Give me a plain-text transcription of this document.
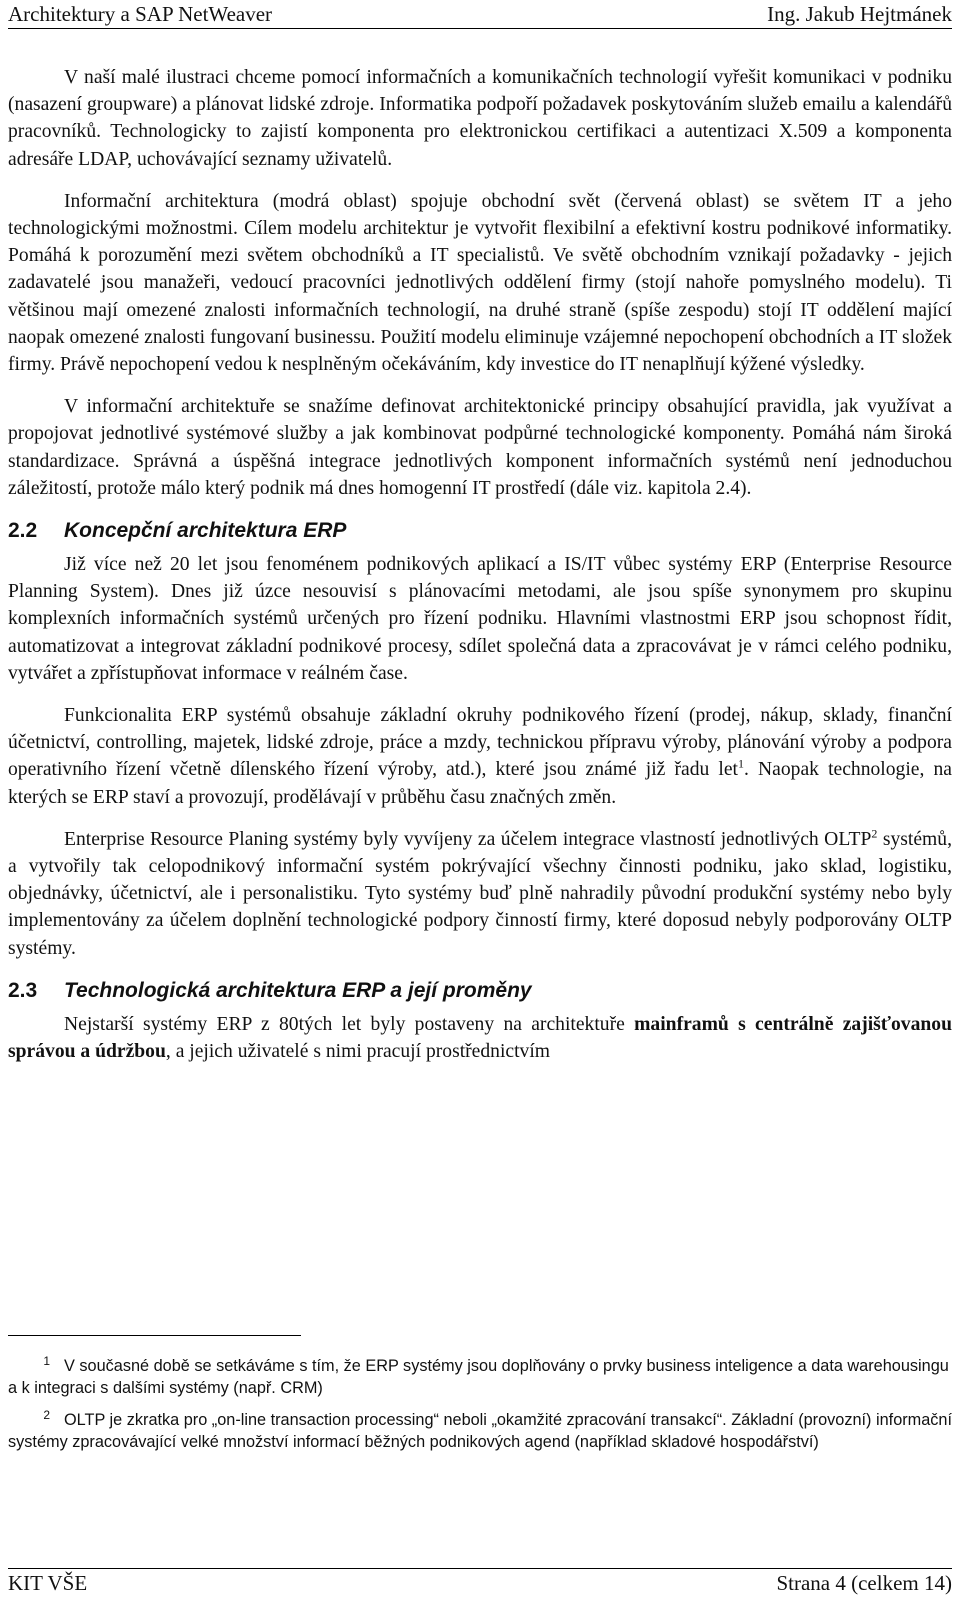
Architektury a SAP NetWeaver	Ing. Jakub Hejtmánek

V naší malé ilustraci chceme pomocí informačních a komunikačních technologií vyřešit komunikaci v podniku (nasazení groupware) a plánovat lidské zdroje. Informatika podpoří požadavek poskytováním služeb emailu a kalendářů pracovníků. Technologicky to zajistí komponenta pro elektronickou certifikaci a autentizaci X.509 a komponenta adresáře LDAP, uchovávající seznamy uživatelů.

Informační architektura (modrá oblast) spojuje obchodní svět (červená oblast) se světem IT a jeho technologickými možnostmi. Cílem modelu architektur je vytvořit flexibilní a efektivní kostru podnikové informatiky. Pomáhá k porozumění mezi světem obchodníků a IT specialistů. Ve světě obchodním vznikají požadavky - jejich zadavatelé jsou manažeři, vedoucí pracovníci jednotlivých oddělení firmy (stojí nahoře pomyslného modelu). Ti většinou mají omezené znalosti informačních technologií, na druhé straně (spíše zespodu) stojí IT oddělení mající naopak omezené znalosti fungovaní businessu. Použití modelu eliminuje vzájemné nepochopení obchodních a IT složek firmy. Právě nepochopení vedou k nesplněným očekáváním, kdy investice do IT nenaplňují kýžené výsledky.

V informační architektuře se snažíme definovat architektonické principy obsahující pravidla, jak využívat a propojovat jednotlivé systémové služby a jak kombinovat podpůrné technologické komponenty. Pomáhá nám široká standardizace. Správná a úspěšná integrace jednotlivých komponent informačních systémů není jednoduchou záležitostí, protože málo který podnik má dnes homogenní IT prostředí (dále viz. kapitola 2.4).

2.2 Koncepční architektura ERP

Již více než 20 let jsou fenoménem podnikových aplikací a IS/IT vůbec systémy ERP (Enterprise Resource Planning System). Dnes již úzce nesouvisí s plánovacími metodami, ale jsou spíše synonymem pro skupinu komplexních informačních systémů určených pro řízení podniku. Hlavními vlastnostmi ERP jsou schopnost řídit, automatizovat a integrovat základní podnikové procesy, sdílet společná data a zpracovávat je v rámci celého podniku, vytvářet a zpřístupňovat informace v reálném čase.

Funkcionalita ERP systémů obsahuje základní okruhy podnikového řízení (prodej, nákup, sklady, finanční účetnictví, controlling, majetek, lidské zdroje, práce a mzdy, technickou přípravu výroby, plánování výroby a podpora operativního řízení včetně dílenského řízení výroby, atd.), které jsou známé již řadu let$^1$. Naopak technologie, na kterých se ERP staví a provozují, prodělávají v průběhu času značných změn.

Enterprise Resource Planing systémy byly vyvíjeny za účelem integrace vlastností jednotlivých OLTP$^2$ systémů, a vytvořily tak celopodnikový informační systém pokrývající všechny činnosti podniku, jako sklad, logistiku, objednávky, účetnictví, ale i personalistiku. Tyto systémy buď plně nahradily původní produkční systémy nebo byly implementovány za účelem doplnění technologické podpory činností firmy, které doposud nebyly podporovány OLTP systémy.

2.3 Technologická architektura ERP a její proměny

Nejstarší systémy ERP z 80tých let byly postaveny na architektuře mainframů s centrálně zajišťovanou správou a údržbou, a jejich uživatelé s nimi pracují prostřednictvím

1 V současné době se setkáváme s tím, že ERP systémy jsou doplňovány o prvky business inteligence a data warehousingu a k integraci s dalšími systémy (např. CRM)
2 OLTP je zkratka pro „on-line transaction processing“ neboli „okamžité zpracování transakcí“. Základní (provozní) informační systémy zpracovávající velké množství informací běžných podnikových agend (například skladové hospodářství)
KIT VŠE	Strana 4 (celkem 14)
